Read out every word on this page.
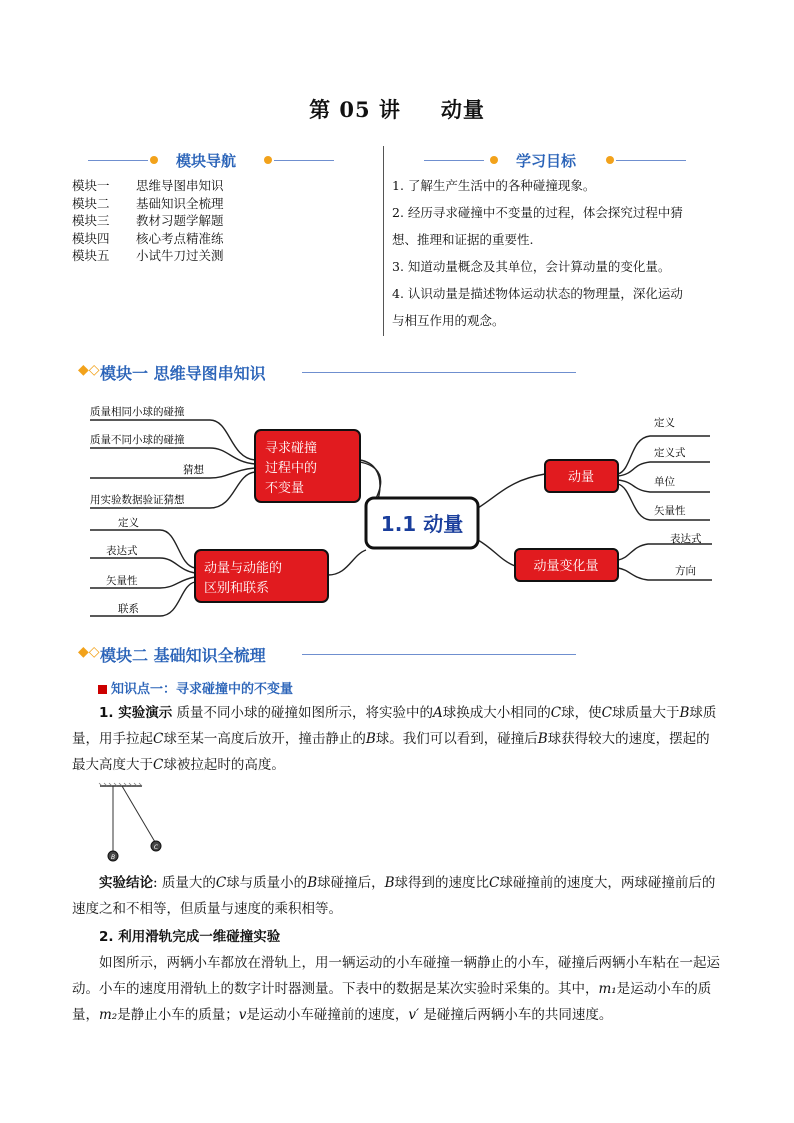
第 05 讲 动量
模块导航
模块一 思维导图串知识
模块二 基础知识全梳理
模块三 教材习题学解题
模块四 核心考点精准练
模块五 小试牛刀过关测
学习目标

1. 了解生产生活中的各种碰撞现象。

2. 经历寻求碰撞中不变量的过程，体会探究过程中猜

想、推理和证据的重要性.

3. 知道动量概念及其单位，会计算动量的变化量。

4. 认识动量是描述物体运动状态的物理量，深化运动

与相互作用的观念。

◆◇ 模块一 思维导图串知识
质量相同小球的碰撞
质量不同小球的碰撞
猜想
用实验数据验证猜想
寻求碰撞
过程中的
不变量
1.1 动量
定义
表达式
矢量性
联系
动量与动能的
区别和联系
动量
定义
定义式
单位
矢量性
动量变化量
表达式
方向
◆◇ 模块二 基础知识全梳理
知识点一：寻求碰撞中的不变量
1. 实验演示 质量不同小球的碰撞如图所示，将实验中的A球换成大小相同的C球，使C球质量大于B球质量，用手拉起C球至某一高度后放开，撞击静止的B球。我们可以看到，碰撞后B球获得较大的速度，摆起的最大高度大于C球被拉起时的高度。
B
C
实验结论: 质量大的C球与质量小的B球碰撞后，B球得到的速度比C球碰撞前的速度大，两球碰撞前后的速度之和不相等，但质量与速度的乘积相等。
2. 利用滑轨完成一维碰撞实验
如图所示，两辆小车都放在滑轨上，用一辆运动的小车碰撞一辆静止的小车，碰撞后两辆小车粘在一起运动。小车的速度用滑轨上的数字计时器测量。下表中的数据是某次实验时采集的。其中，m₁是运动小车的质量，m₂是静止小车的质量；v是运动小车碰撞前的速度，v′ 是碰撞后两辆小车的共同速度。
